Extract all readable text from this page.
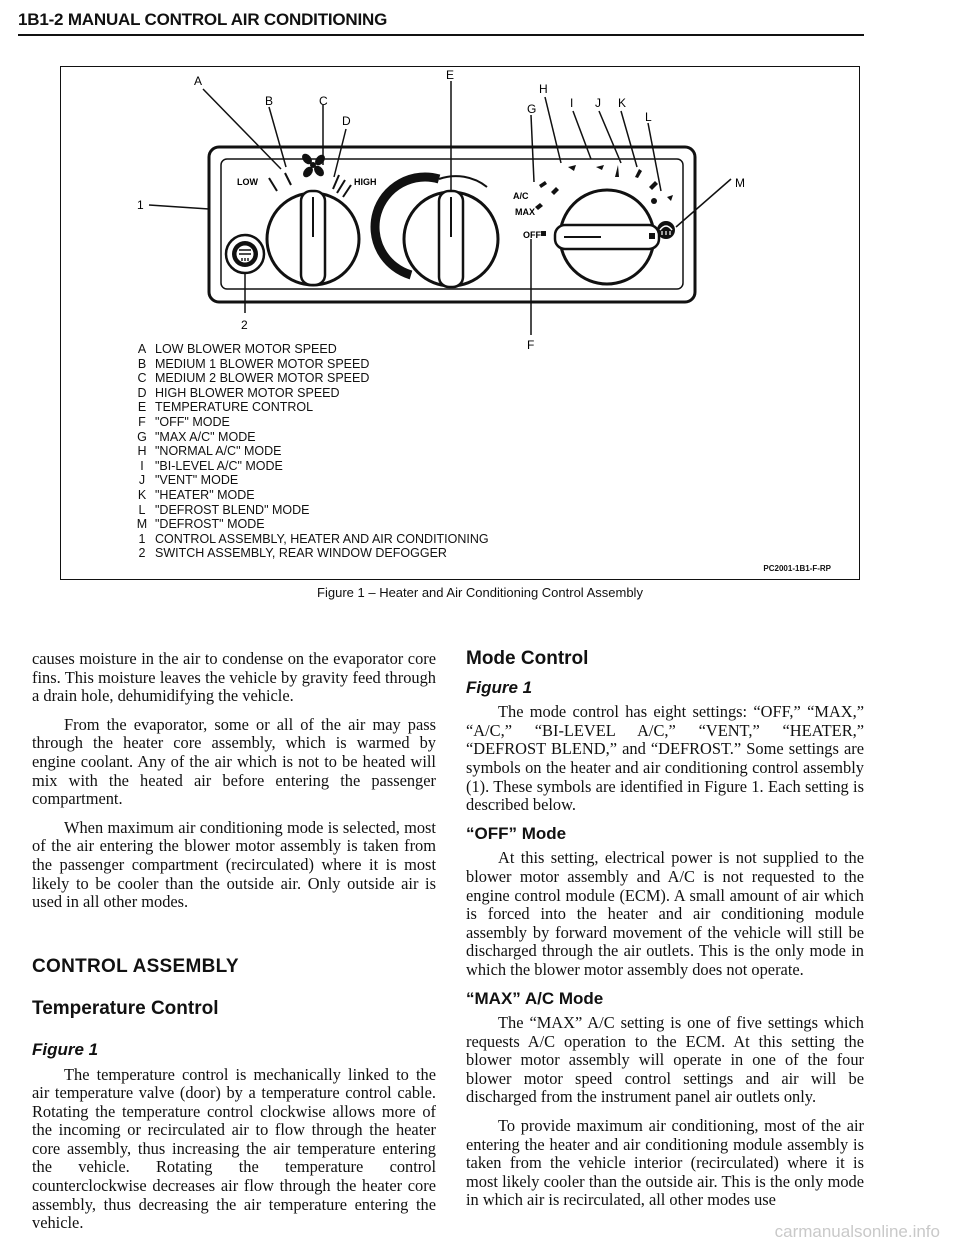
1B1-2 MANUAL CONTROL AIR CONDITIONING
LOW	HIGH
A/C
MAX
OFF
A
B	C
D
E
G
H
I J K
L
M
1
2
F
A LOW BLOWER MOTOR SPEED
B MEDIUM 1 BLOWER MOTOR SPEED
C MEDIUM 2 BLOWER MOTOR SPEED
D HIGH BLOWER MOTOR SPEED
E TEMPERATURE CONTROL
F "OFF" MODE
G "MAX A/C" MODE
H "NORMAL A/C" MODE
I "BI-LEVEL A/C" MODE
J "VENT" MODE
K "HEATER" MODE
L "DEFROST BLEND" MODE
M "DEFROST" MODE
1 CONTROL ASSEMBLY, HEATER AND AIR CONDITIONING
2 SWITCH ASSEMBLY, REAR WINDOW DEFOGGER
PC2001-1B1-F-RP
Figure 1 – Heater and Air Conditioning Control Assembly

causes moisture in the air to condense on the evaporator core fins. This moisture leaves the vehicle by gravity feed through a drain hole, dehumidifying the vehicle.

From the evaporator, some or all of the air may pass through the heater core assembly, which is warmed by engine coolant. Any of the air which is not to be heated will mix with the heated air before entering the passenger compartment.

When maximum air conditioning mode is selected, most of the air entering the blower motor assembly is taken from the passenger compartment (recirculated) where it is most likely to be cooler than the outside air. Only outside air is used in all other modes.

CONTROL ASSEMBLY
Temperature Control
Figure 1

The temperature control is mechanically linked to the air temperature valve (door) by a temperature control cable. Rotating the temperature control clockwise allows more of the incoming or recirculated air to flow through the heater core assembly, thus increasing the air temperature entering the vehicle. Rotating the temperature control counterclockwise decreases air flow through the heater core assembly, thus decreasing the air temperature entering the vehicle.

Mode Control
Figure 1

The mode control has eight settings: “OFF,” “MAX,” “A/C,” “BI-LEVEL A/C,” “VENT,” “HEATER,” “DEFROST BLEND,” and “DEFROST.” Some settings are symbols on the heater and air conditioning control assembly (1). These symbols are identified in Figure 1. Each setting is described below.

“OFF” Mode

At this setting, electrical power is not supplied to the blower motor assembly and A/C is not requested to the engine control module (ECM). A small amount of air which is forced into the heater and air conditioning module assembly by forward movement of the vehicle will still be discharged through the air outlets. This is the only mode in which the blower motor assembly does not operate.

“MAX” A/C Mode

The “MAX” A/C setting is one of five settings which requests A/C operation to the ECM. At this setting the blower motor assembly will operate in one of the four blower motor speed control settings and air will be discharged from the instrument panel air outlets only.

To provide maximum air conditioning, most of the air entering the heater and air conditioning module assembly is taken from the vehicle interior (recirculated) where it is most likely cooler than the outside air. This is the only mode in which air is recirculated, all other modes use

carmanualsonline.info
